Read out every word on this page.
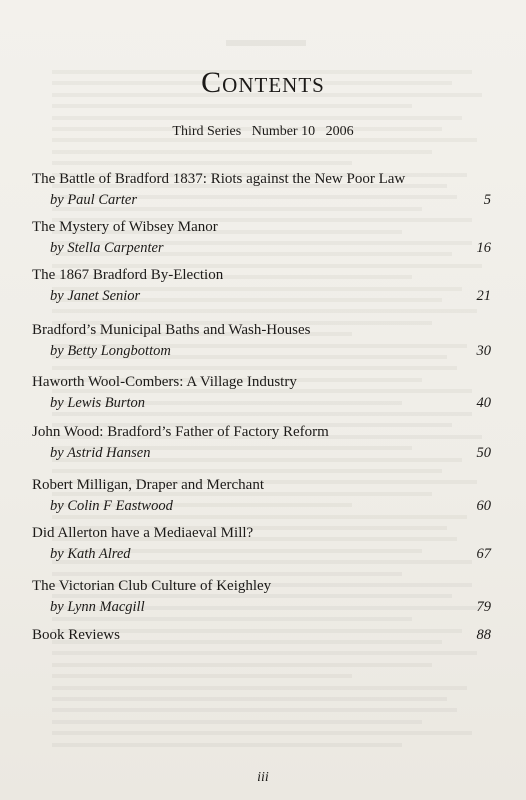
Contents
Third Series Number 10 2006
The Battle of Bradford 1837: Riots against the New Poor Law
by Paul Carter	5
The Mystery of Wibsey Manor
by Stella Carpenter	16
The 1867 Bradford By-Election
by Janet Senior	21
Bradford’s Municipal Baths and Wash-Houses
by Betty Longbottom	30
Haworth Wool-Combers: A Village Industry
by Lewis Burton	40
John Wood: Bradford’s Father of Factory Reform
by Astrid Hansen	50
Robert Milligan, Draper and Merchant
by Colin F Eastwood	60
Did Allerton have a Mediaeval Mill?
by Kath Alred	67
The Victorian Club Culture of Keighley
by Lynn Macgill	79
Book Reviews	88
iii
